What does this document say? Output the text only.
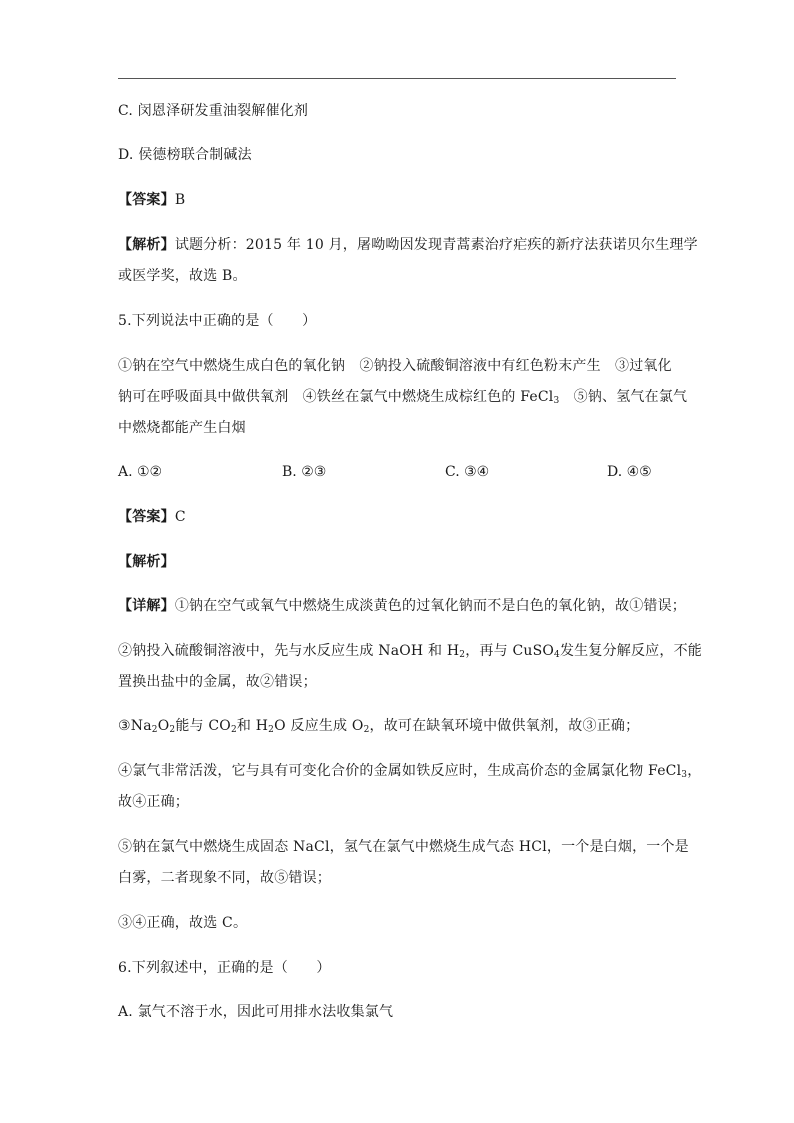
C. 闵恩泽研发重油裂解催化剂
D. 侯德榜联合制碱法
【答案】B
【解析】试题分析：2015 年 10 月，屠呦呦因发现青蒿素治疗疟疾的新疗法获诺贝尔生理学
或医学奖，故选 B。
5.下列说法中正确的是（　　）
①钠在空气中燃烧生成白色的氧化钠　②钠投入硫酸铜溶液中有红色粉末产生　③过氧化
钠可在呼吸面具中做供氧剂　④铁丝在氯气中燃烧生成棕红色的 FeCl$_3$　⑤钠、氢气在氯气
中燃烧都能产生白烟
A. ①②	B. ②③	C. ③④	D. ④⑤
【答案】C
【解析】
【详解】①钠在空气或氧气中燃烧生成淡黄色的过氧化钠而不是白色的氧化钠，故①错误；
②钠投入硫酸铜溶液中，先与水反应生成 NaOH 和 $H_2$，再与 CuSO$_4$发生复分解反应，不能
置换出盐中的金属，故②错误；
$③Na_2O_2$能与 $CO_2$和 $H_2O$ 反应生成 $O_2$，故可在缺氧环境中做供氧剂，故③正确；
④氯气非常活泼，它与具有可变化合价的金属如铁反应时，生成高价态的金属氯化物 FeCl$_3$，
故④正确；
⑤钠在氯气中燃烧生成固态 NaCl，氢气在氯气中燃烧生成气态 HCl，一个是白烟，一个是
白雾，二者现象不同，故⑤错误；
③④正确，故选 C。
6.下列叙述中，正确的是（　　）
A. 氯气不溶于水，因此可用排水法收集氯气
